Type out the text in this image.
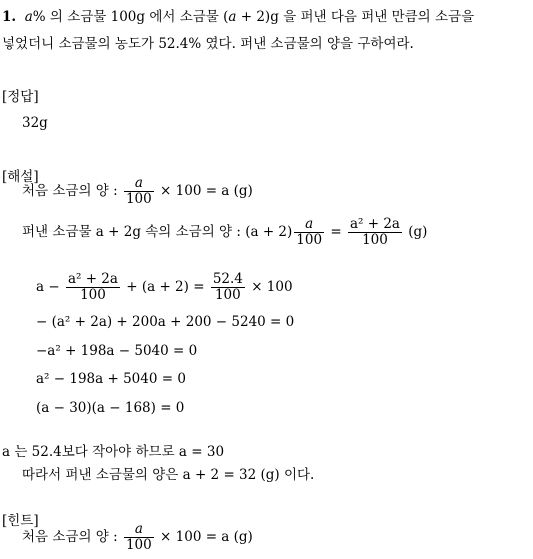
1. a% 의 소금물 100g 에서 소금물 (a + 2)g 을 퍼낸 다음 퍼낸 만큼의 소금을
넣었더니 소금물의 농도가 52.4% 였다. 퍼낸 소금물의 양을 구하여라.
[정답]
32g
[해설]
처음 소금의 양 : $\frac{a}{100} \times 100 = a$ (g)
퍼낸 소금물 a + 2g 속의 소금의 양 : $(a + 2) \frac{a}{100} = \frac{\text{a² + 2a}}{100} (g)$
$a - \frac{\text{a² + 2a}}{100} + (a + 2) = \frac{52.4}{100} \times 100$
− (a² + 2a) + 200a + 200 − 5240 = 0
−a² + 198a − 5040 = 0
a² − 198a + 5040 = 0
(a − 30)(a − 168) = 0
a 는 52.4보다 작아야 하므로 a = 30
따라서 퍼낸 소금물의 양은 a + 2 = 32 (g) 이다.
[힌트]
처음 소금의 양 : $\frac{a}{100} \times 100 = a$ (g)
